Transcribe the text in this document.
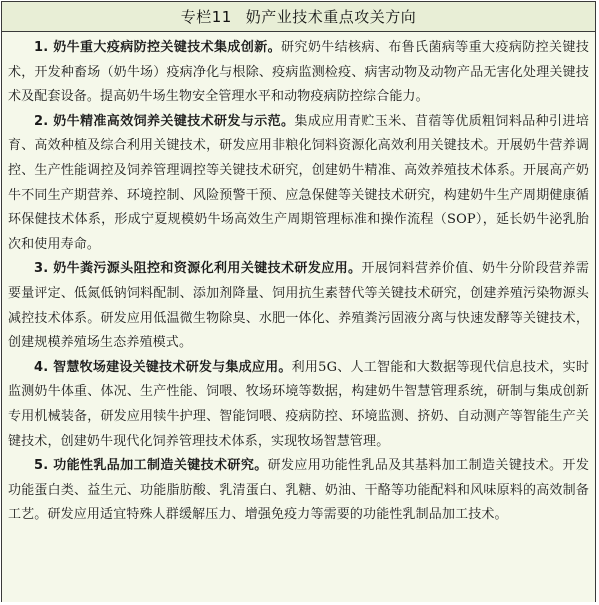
专栏11 奶产业技术重点攻关方向

1. 奶牛重大疫病防控关键技术集成创新。研究奶牛结核病、布鲁氏菌病等重大疫病防控关键技术，开发种畜场（奶牛场）疫病净化与根除、疫病监测检疫、病害动物及动物产品无害化处理关键技术及配套设备。提高奶牛场生物安全管理水平和动物疫病防控综合能力。

2. 奶牛精准高效饲养关键技术研发与示范。集成应用青贮玉米、苜蓿等优质粗饲料品种引进培育、高效种植及综合利用关键技术，研发应用非粮化饲料资源化高效利用关键技术。开展奶牛营养调控、生产性能调控及饲养管理调控等关键技术研究，创建奶牛精准、高效养殖技术体系。开展高产奶牛不同生产期营养、环境控制、风险预警干预、应急保健等关键技术研究，构建奶牛生产周期健康循环保健技术体系，形成宁夏规模奶牛场高效生产周期管理标准和操作流程（SOP），延长奶牛泌乳胎次和使用寿命。

3. 奶牛粪污源头阻控和资源化利用关键技术研发应用。开展饲料营养价值、奶牛分阶段营养需要量评定、低氮低钠饲料配制、添加剂降量、饲用抗生素替代等关键技术研究，创建养殖污染物源头减控技术体系。研发应用低温微生物除臭、水肥一体化、养殖粪污固液分离与快速发酵等关键技术，创建规模养殖场生态养殖模式。

4. 智慧牧场建设关键技术研发与集成应用。利用5G、人工智能和大数据等现代信息技术，实时监测奶牛体重、体况、生产性能、饲喂、牧场环境等数据，构建奶牛智慧管理系统，研制与集成创新专用机械装备，研发应用犊牛护理、智能饲喂、疫病防控、环境监测、挤奶、自动测产等智能生产关键技术，创建奶牛现代化饲养管理技术体系，实现牧场智慧管理。

5. 功能性乳品加工制造关键技术研究。研发应用功能性乳品及其基料加工制造关键技术。开发功能蛋白类、益生元、功能脂肪酸、乳清蛋白、乳糖、奶油、干酪等功能配料和风味原料的高效制备工艺。研发应用适宜特殊人群缓解压力、增强免疫力等需要的功能性乳制品加工技术。
